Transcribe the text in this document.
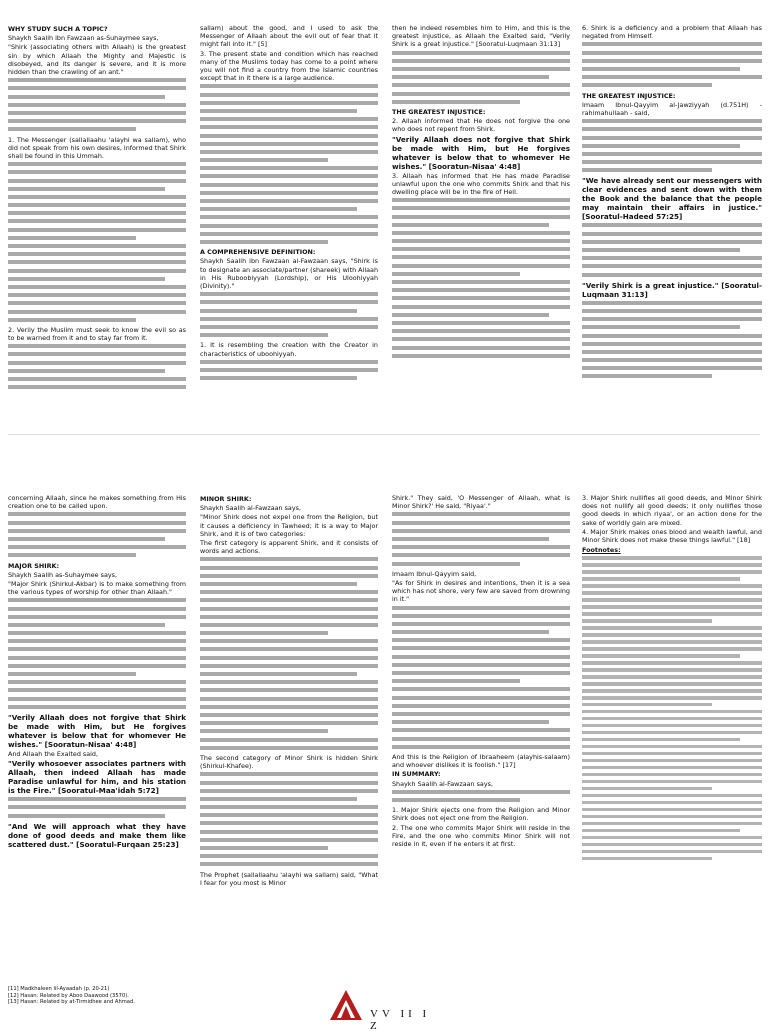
WHY STUDY SUCH A TOPIC?
Shaykh Saalih ibn Fawzaan as-Suhaymee says,
"Shirk (associating others with Allaah) is the greatest sin by which Allaah the Mighty and Majestic is disobeyed, and its danger is severe, and it is more hidden than the crawling of an ant."
1. The Messenger (sallallaahu 'alayhi wa sallam), who did not speak from his own desires, informed that Shirk shall be found in this Ummah.
2. Verily the Muslim must seek to know the evil so as to be warned from it and to stay far from it.
sallam) about the good, and I used to ask the Messenger of Allaah about the evil out of fear that it might fall into it." [5]
3. The present state and condition which has reached many of the Muslims today has come to a point where you will not find a country from the Islamic countries except that in it there is a large audience.
A COMPREHENSIVE DEFINITION:
Shaykh Saalih ibn Fawzaan al-Fawzaan says, "Shirk is to designate an associate/partner (shareek) with Allaah in His Ruboobiyyah (Lordship), or His Uloohiyyah (Divinity)."
1. It is resembling the creation with the Creator in characteristics of uboohiyyah.
then he indeed resembles him to Him, and this is the greatest injustice, as Allaah the Exalted said, "Verily Shirk is a great injustice." [Sooratul-Luqmaan 31:13]
THE GREATEST INJUSTICE:
2. Allaah informed that He does not forgive the one who does not repent from Shirk.
"Verily Allaah does not forgive that Shirk be made with Him, but He forgives whatever is below that to whomever He wishes." [Sooratun-Nisaa' 4:48]
3. Allaah has informed that He has made Paradise unlawful upon the one who commits Shirk and that his dwelling place will be in the fire of Hell.
6. Shirk is a deficiency and a problem that Allaah has negated from Himself.
THE GREATEST INJUSTICE:
Imaam Ibnul-Qayyim al-Jawziyyah (d.751H) - rahimahullaah - said,
"We have already sent our messengers with clear evidences and sent down with them the Book and the balance that the people may maintain their affairs in justice." [Sooratul-Hadeed 57:25]
"Verily Shirk is a great injustice." [Sooratul-Luqmaan 31:13]
concerning Allaah, since he makes something from His creation one to be called upon.
MAJOR SHIRK:
Shaykh Saalih as-Suhaymee says,
"Major Shirk (Shirkul-Akbar) is to make something from the various types of worship for other than Allaah."
"Verily Allaah does not forgive that Shirk be made with Him, but He forgives whatever is below that for whomever He wishes." [Sooratun-Nisaa' 4:48]
And Allaah the Exalted said,
"Verily whosoever associates partners with Allaah, then indeed Allaah has made Paradise unlawful for him, and his station is the Fire." [Sooratul-Maa'idah 5:72]
"And We will approach what they have done of good deeds and make them like scattered dust." [Sooratul-Furqaan 25:23]
MINOR SHIRK:
Shaykh Saalih al-Fawzaan says,
"Minor Shirk does not expel one from the Religion, but it causes a deficiency in Tawheed; it is a way to Major Shirk, and it is of two categories:
The first category is apparent Shirk, and it consists of words and actions.
The second category of Minor Shirk is hidden Shirk (Shirkul-Khafee).
The Prophet (sallallaahu 'alayhi wa sallam) said, "What I fear for you most is Minor
Shirk." They said, 'O Messenger of Allaah, what is Minor Shirk?' He said, "Riyaa'."
Imaam Ibnul-Qayyim said,
"As for Shirk in desires and intentions, then it is a sea which has not shore, very few are saved from drowning in it."
And this is the Religion of Ibraaheem (alayhis-salaam) and whoever dislikes it is foolish." [17]
IN SUMMARY:
Shaykh Saalih al-Fawzaan says,
1. Major Shirk ejects one from the Religion and Minor Shirk does not eject one from the Religion.
2. The one who commits Major Shirk will reside in the Fire, and the one who commits Minor Shirk will not reside in it, even if he enters it at first.
3. Major Shirk nullifies all good deeds, and Minor Shirk does not nullify all good deeds; it only nullifies those good deeds in which riyaa', or an action done for the sake of worldly gain are mixed.
4. Major Shirk makes ones blood and wealth lawful, and Minor Shirk does not make these things lawful." [18]
Footnotes:
[11] Madkhaleen lil-Ayaadah (p. 20-21)
[12] Hasan: Related by Aboo Daawood (3570).
[13] Hasan: Related by at-Tirmidhee and Ahmad.
VV II I Z
